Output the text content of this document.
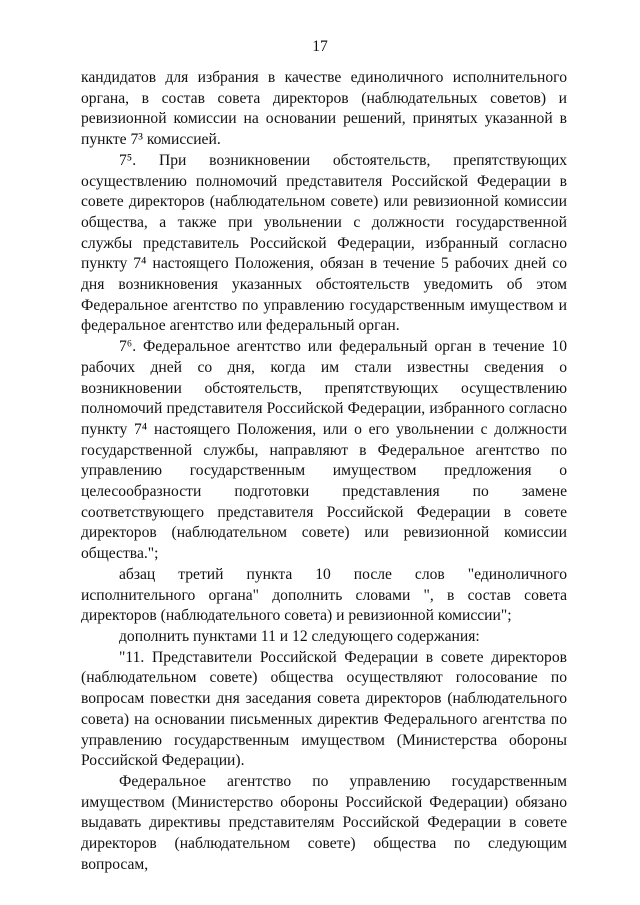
17

кандидатов для избрания в качестве единоличного исполнительного органа, в состав совета директоров (наблюдательных советов) и ревизионной комиссии на основании решений, принятых указанной в пункте 7³ комиссией.

7⁵. При возникновении обстоятельств, препятствующих осуществлению полномочий представителя Российской Федерации в совете директоров (наблюдательном совете) или ревизионной комиссии общества, а также при увольнении с должности государственной службы представитель Российской Федерации, избранный согласно пункту 7⁴ настоящего Положения, обязан в течение 5 рабочих дней со дня возникновения указанных обстоятельств уведомить об этом Федеральное агентство по управлению государственным имуществом и федеральное агентство или федеральный орган.

7⁶. Федеральное агентство или федеральный орган в течение 10 рабочих дней со дня, когда им стали известны сведения о возникновении обстоятельств, препятствующих осуществлению полномочий представителя Российской Федерации, избранного согласно пункту 7⁴ настоящего Положения, или о его увольнении с должности государственной службы, направляют в Федеральное агентство по управлению государственным имуществом предложения о целесообразности подготовки представления по замене соответствующего представителя Российской Федерации в совете директоров (наблюдательном совете) или ревизионной комиссии общества.";

абзац третий пункта 10 после слов "единоличного исполнительного органа" дополнить словами ", в состав совета директоров (наблюдательного совета) и ревизионной комиссии";

дополнить пунктами 11 и 12 следующего содержания:

"11. Представители Российской Федерации в совете директоров (наблюдательном совете) общества осуществляют голосование по вопросам повестки дня заседания совета директоров (наблюдательного совета) на основании письменных директив Федерального агентства по управлению государственным имуществом (Министерства обороны Российской Федерации).

Федеральное агентство по управлению государственным имуществом (Министерство обороны Российской Федерации) обязано выдавать директивы представителям Российской Федерации в совете директоров (наблюдательном совете) общества по следующим вопросам,
